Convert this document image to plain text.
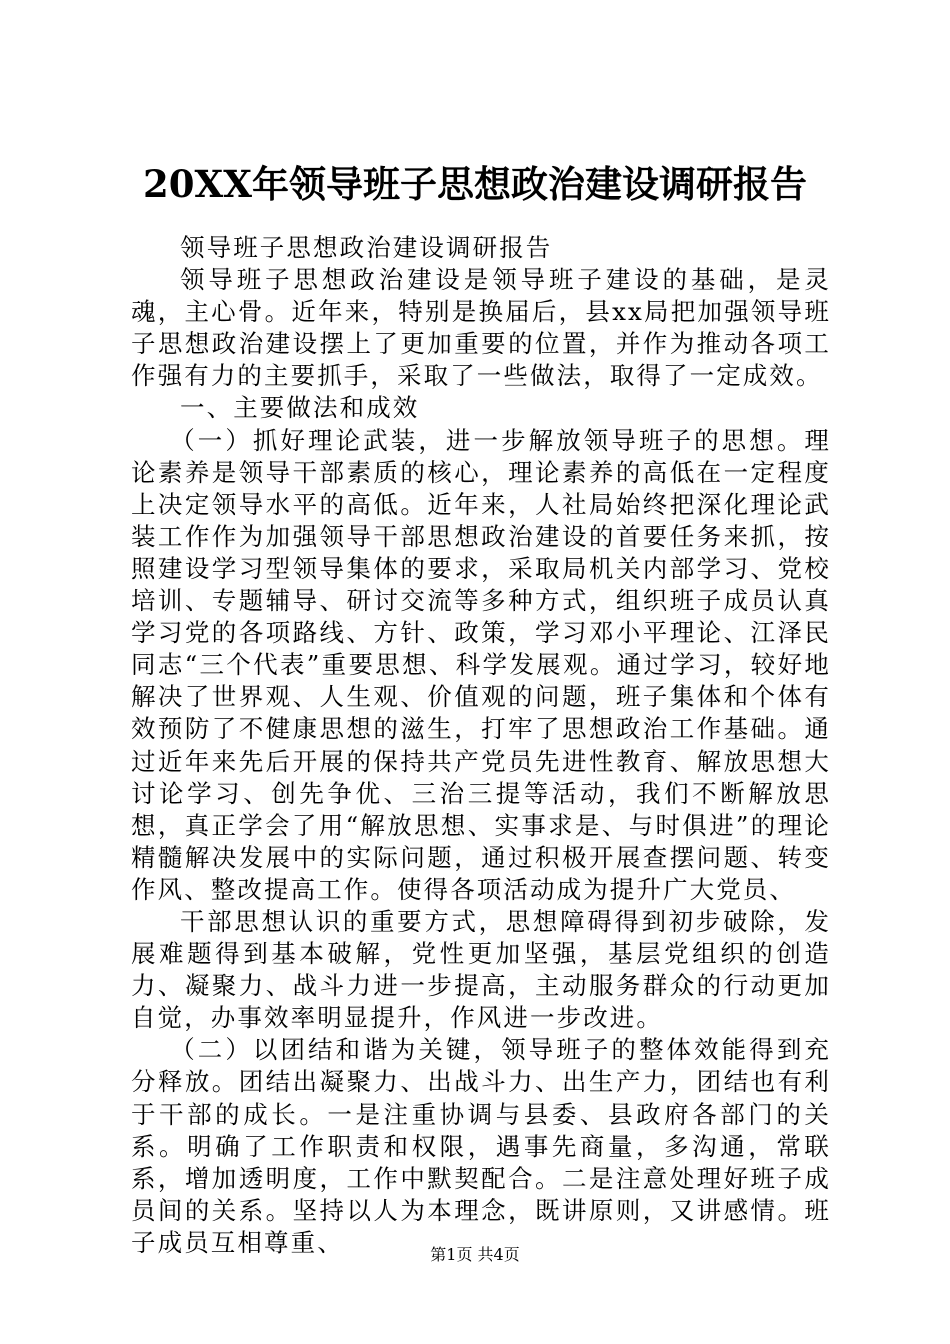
20XX年领导班子思想政治建设调研报告

领导班子思想政治建设调研报告

领导班子思想政治建设是领导班子建设的基础，是灵魂，主心骨。近年来，特别是换届后，县xx局把加强领导班子思想政治建设摆上了更加重要的位置，并作为推动各项工作强有力的主要抓手，采取了一些做法，取得了一定成效。

一、主要做法和成效

（一）抓好理论武装，进一步解放领导班子的思想。理论素养是领导干部素质的核心，理论素养的高低在一定程度上决定领导水平的高低。近年来，人社局始终把深化理论武装工作作为加强领导干部思想政治建设的首要任务来抓，按照建设学习型领导集体的要求，采取局机关内部学习、党校培训、专题辅导、研讨交流等多种方式，组织班子成员认真学习党的各项路线、方针、政策，学习邓小平理论、江泽民同志“三个代表”重要思想、科学发展观。通过学习，较好地解决了世界观、人生观、价值观的问题，班子集体和个体有效预防了不健康思想的滋生，打牢了思想政治工作基础。通过近年来先后开展的保持共产党员先进性教育、解放思想大讨论学习、创先争优、三治三提等活动，我们不断解放思想，真正学会了用“解放思想、实事求是、与时俱进”的理论精髓解决发展中的实际问题，通过积极开展查摆问题、转变作风、整改提高工作。使得各项活动成为提升广大党员、

干部思想认识的重要方式，思想障碍得到初步破除，发展难题得到基本破解，党性更加坚强，基层党组织的创造力、凝聚力、战斗力进一步提高，主动服务群众的行动更加自觉，办事效率明显提升，作风进一步改进。

（二）以团结和谐为关键，领导班子的整体效能得到充分释放。团结出凝聚力、出战斗力、出生产力，团结也有利于干部的成长。一是注重协调与县委、县政府各部门的关系。明确了工作职责和权限，遇事先商量，多沟通，常联系，增加透明度，工作中默契配合。二是注意处理好班子成员间的关系。坚持以人为本理念，既讲原则，又讲感情。班子成员互相尊重、	第1页 共4页
